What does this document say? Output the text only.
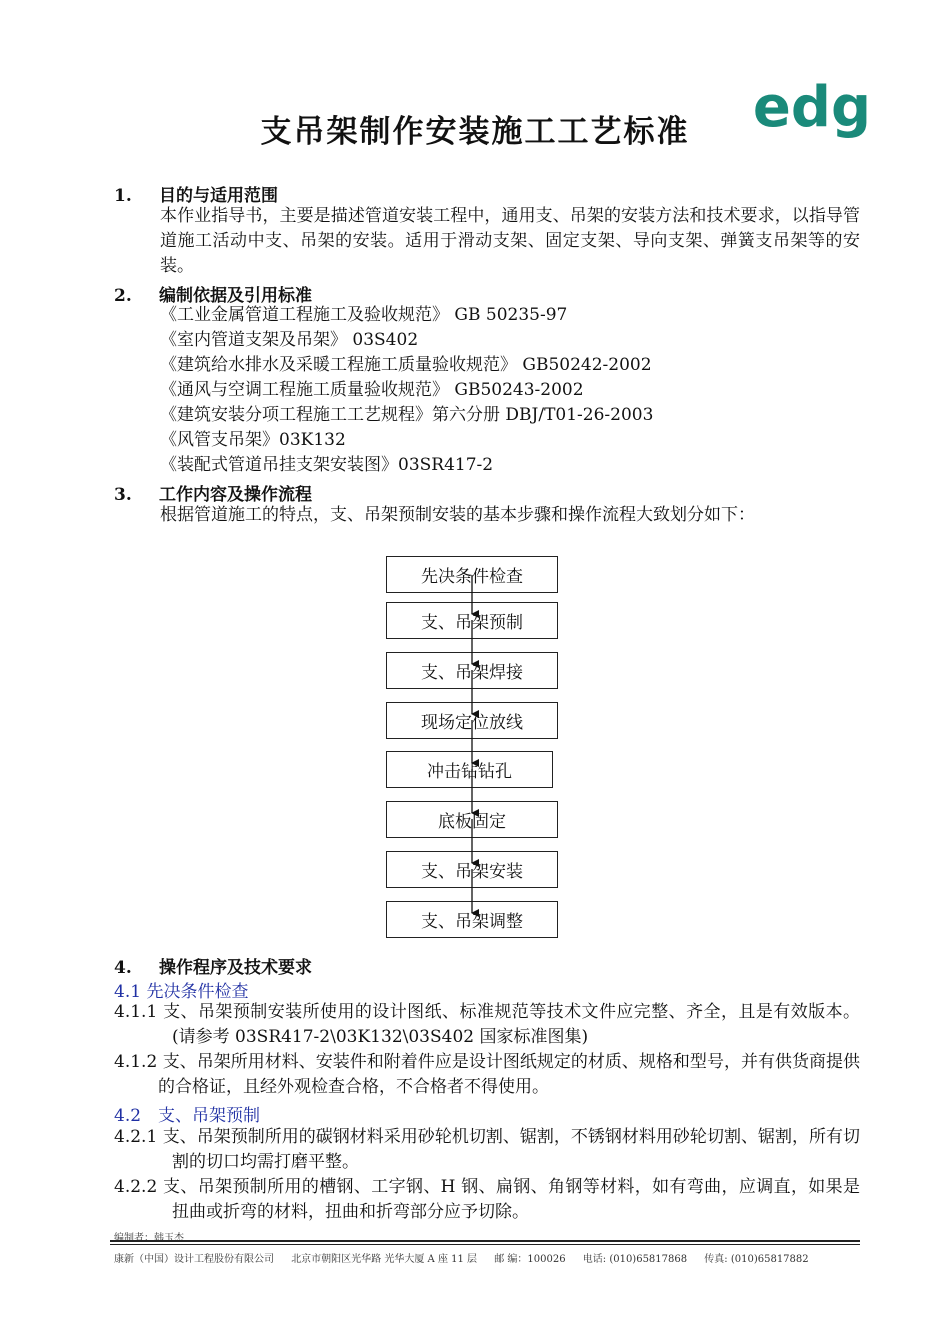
edg
支吊架制作安装施工工艺标准
1. 目的与适用范围
本作业指导书，主要是描述管道安装工程中，通用支、吊架的安装方法和技术要求，以指导管道施工活动中支、吊架的安装。适用于滑动支架、固定支架、导向支架、弹簧支吊架等的安装。
2. 编制依据及引用标准
《工业金属管道工程施工及验收规范》 GB 50235-97
《室内管道支架及吊架》 03S402
《建筑给水排水及采暖工程施工质量验收规范》 GB50242-2002
《通风与空调工程施工质量验收规范》 GB50243-2002
《建筑安装分项工程施工工艺规程》第六分册 DBJ/T01-26-2003
《风管支吊架》03K132
《装配式管道吊挂支架安装图》03SR417-2
3. 工作内容及操作流程
根据管道施工的特点，支、吊架预制安装的基本步骤和操作流程大致划分如下：
先决条件检查
支、吊架预制
支、吊架焊接
现场定位放线
冲击钻钻孔
底板固定
支、吊架安装
支、吊架调整
4. 操作程序及技术要求
4.1 先决条件检查
4.1.1 支、吊架预制安装所使用的设计图纸、标准规范等技术文件应完整、齐全，且是有效版本。(请参考 03SR417-2\03K132\03S402 国家标准图集)
4.1.2 支、吊架所用材料、安装件和附着件应是设计图纸规定的材质、规格和型号，并有供货商提供的合格证，且经外观检查合格，不合格者不得使用。
4.2　支、吊架预制
4.2.1 支、吊架预制所用的碳钢材料采用砂轮机切割、锯割，不锈钢材料用砂轮切割、锯割，所有切割的切口均需打磨平整。
4.2.2 支、吊架预制所用的槽钢、工字钢、H 钢、扁钢、角钢等材料，如有弯曲，应调直，如果是扭曲或折弯的材料，扭曲和折弯部分应予切除。
编制者：韩玉杰
康新（中国）设计工程股份有限公司 北京市朝阳区光华路 光华大厦 A 座 11 层 邮 编：100026 电话: (010)65817868 传真: (010)65817882
